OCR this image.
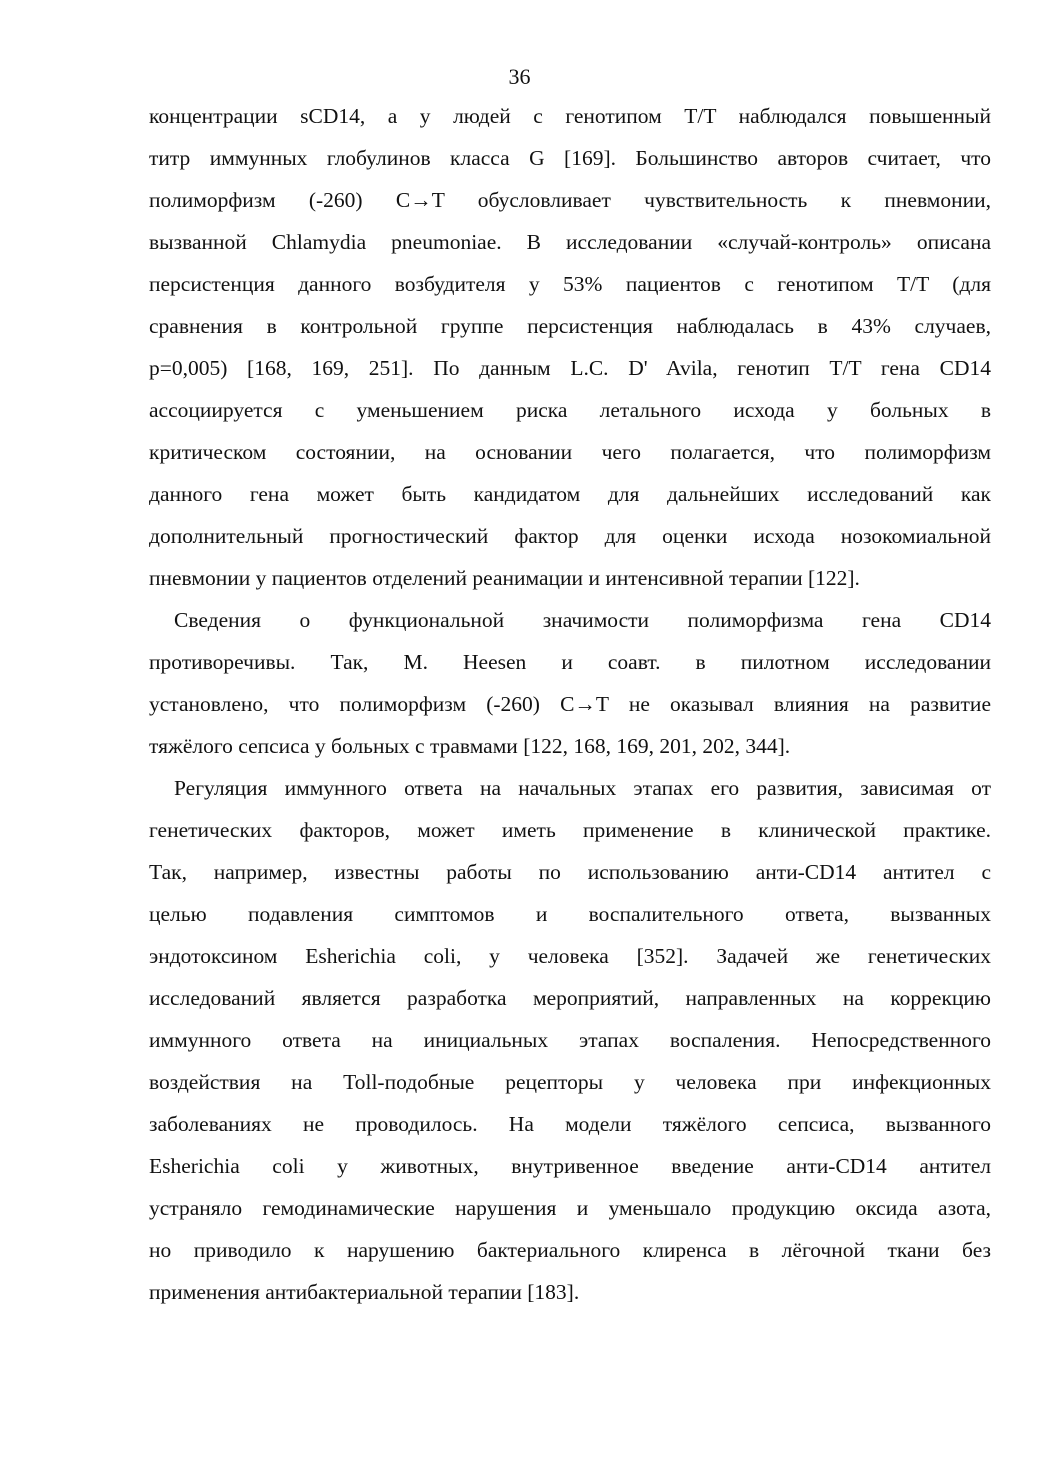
36
концентрации sCD14, а у людей с генотипом T/T наблюдался повышенный
титр иммунных глобулинов класса G [169]. Большинство авторов считает, что
полиморфизм (-260) C→T обусловливает чувствительность к пневмонии,
вызванной Chlamydia pneumoniae. В исследовании «случай-контроль» описана
персистенция данного возбудителя у 53% пациентов с генотипом T/T (для
сравнения в контрольной группе персистенция наблюдалась в 43% случаев,
p=0,005) [168, 169, 251]. По данным L.C. D' Avila, генотип T/T гена CD14
ассоциируется с уменьшением риска летального исхода у больных в
критическом состоянии, на основании чего полагается, что полиморфизм
данного гена может быть кандидатом для дальнейших исследований как
дополнительный прогностический фактор для оценки исхода нозокомиальной
пневмонии у пациентов отделений реанимации и интенсивной терапии [122].
Сведения о функциональной значимости полиморфизма гена CD14
противоречивы. Так, M. Heesen и соавт. в пилотном исследовании
установлено, что полиморфизм (-260) C→T не оказывал влияния на развитие
тяжёлого сепсиса у больных с травмами [122, 168, 169, 201, 202, 344].
Регуляция иммунного ответа на начальных этапах его развития, зависимая от
генетических факторов, может иметь применение в клинической практике.
Так, например, известны работы по использованию анти-CD14 антител с
целью подавления симптомов и воспалительного ответа, вызванных
эндотоксином Esherichia coli, у человека [352]. Задачей же генетических
исследований является разработка мероприятий, направленных на коррекцию
иммунного ответа на инициальных этапах воспаления. Непосредственного
воздействия на Toll-подобные рецепторы у человека при инфекционных
заболеваниях не проводилось. На модели тяжёлого сепсиса, вызванного
Esherichia coli у животных, внутривенное введение анти-CD14 антител
устраняло гемодинамические нарушения и уменьшало продукцию оксида азота,
но приводило к нарушению бактериального клиренса в лёгочной ткани без
применения антибактериальной терапии [183].
